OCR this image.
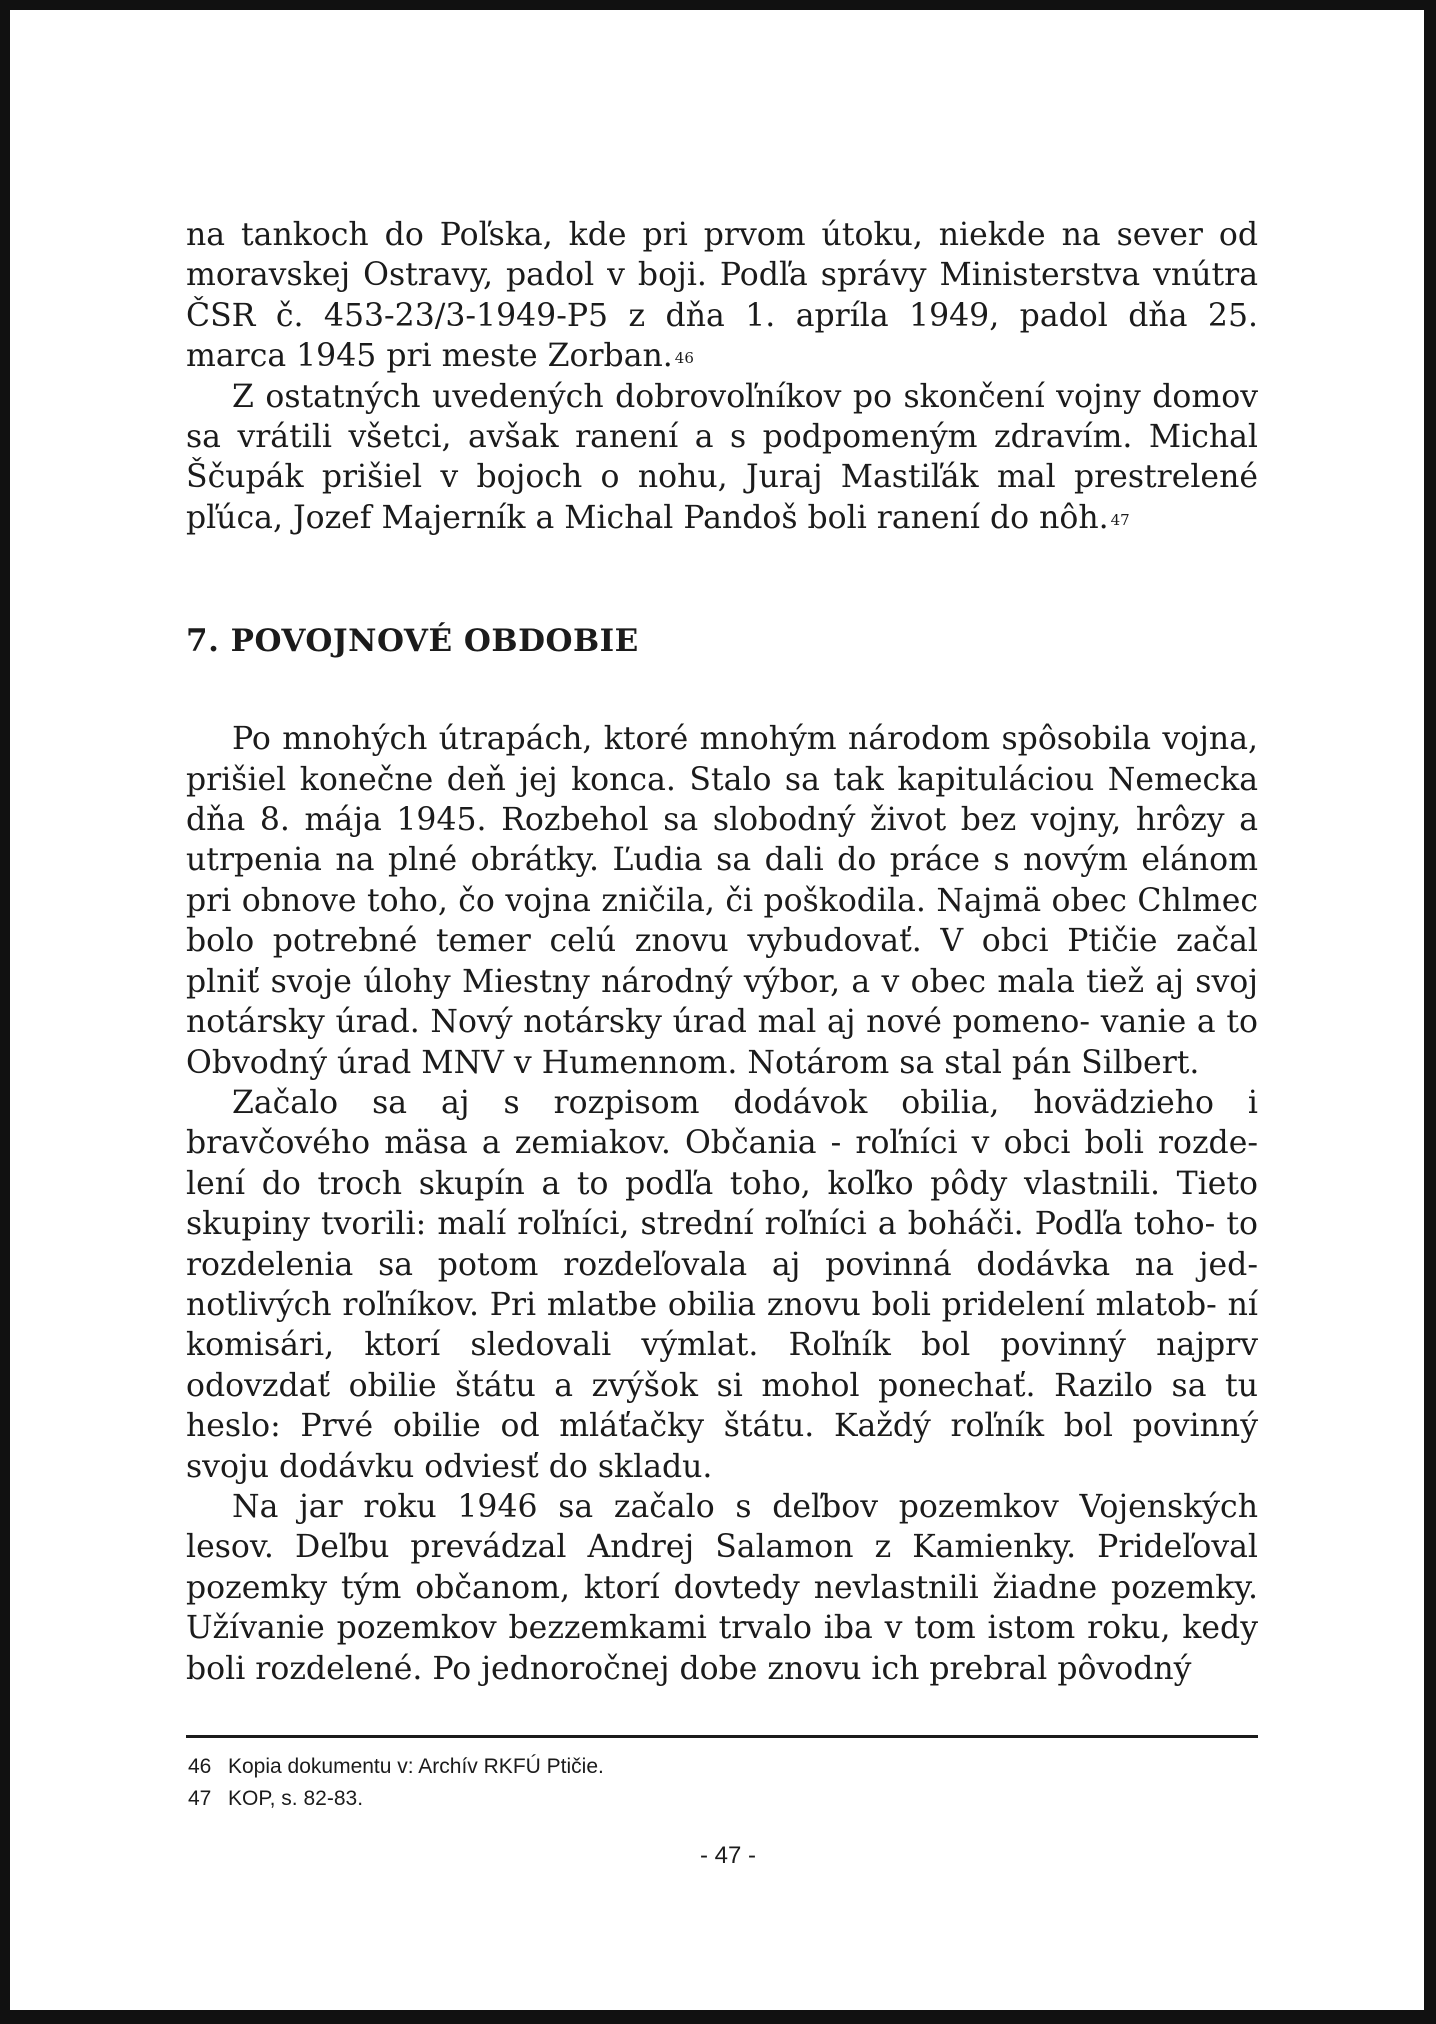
na tankoch do Poľska, kde pri prvom útoku, niekde na sever od moravskej Ostravy, padol v boji. Podľa správy Ministerstva vnútra ČSR č. 453-23/3-1949-P5 z dňa 1. apríla 1949, padol dňa 25. marca 1945 pri meste Zorban. $^{46}$

Z ostatných uvedených dobrovoľníkov po skončení vojny domov sa vrátili všetci, avšak ranení a s podpomeným zdravím. Michal Ščupák prišiel v bojoch o nohu, Juraj Mastiľák mal prestrelené pľúca, Jozef Majerník a Michal Pandoš boli ranení do nôh. $^{47}$

7. POVOJNOVÉ OBDOBIE

Po mnohých útrapách, ktoré mnohým národom spôsobila vojna, prišiel konečne deň jej konca. Stalo sa tak kapituláciou Nemecka dňa 8. mája 1945. Rozbehol sa slobodný život bez vojny, hrôzy a utrpenia na plné obrátky. Ľudia sa dali do práce s novým elánom pri obnove toho, čo vojna zničila, či poškodila. Najmä obec Chlmec bolo potrebné temer celú znovu vybudovať. V obci Ptičie začal plniť svoje úlohy Miestny národný výbor, a v obec mala tiež aj svoj notársky úrad. Nový notársky úrad mal aj nové pomeno- vanie a to Obvodný úrad MNV v Humennom. Notárom sa stal pán Silbert.

Začalo sa aj s rozpisom dodávok obilia, hovädzieho i bravčového mäsa a zemiakov. Občania - roľníci v obci boli rozde- lení do troch skupín a to podľa toho, koľko pôdy vlastnili. Tieto skupiny tvorili: malí roľníci, strední roľníci a boháči. Podľa toho- to rozdelenia sa potom rozdeľovala aj povinná dodávka na jed- notlivých roľníkov. Pri mlatbe obilia znovu boli pridelení mlatob- ní komisári, ktorí sledovali výmlat. Roľník bol povinný najprv odovzdať obilie štátu a zvýšok si mohol ponechať. Razilo sa tu heslo: Prvé obilie od mláťačky štátu. Každý roľník bol povinný svoju dodávku odviesť do skladu.

Na jar roku 1946 sa začalo s deľbov pozemkov Vojenských lesov. Deľbu prevádzal Andrej Salamon z Kamienky. Prideľoval pozemky tým občanom, ktorí dovtedy nevlastnili žiadne pozemky. Užívanie pozemkov bezzemkami trvalo iba v tom istom roku, kedy boli rozdelené. Po jednoročnej dobe znovu ich prebral pôvodný

46 Kopia dokumentu v: Archív RKFÚ Ptičie.
47 KOP, s. 82-83.
- 47 -
